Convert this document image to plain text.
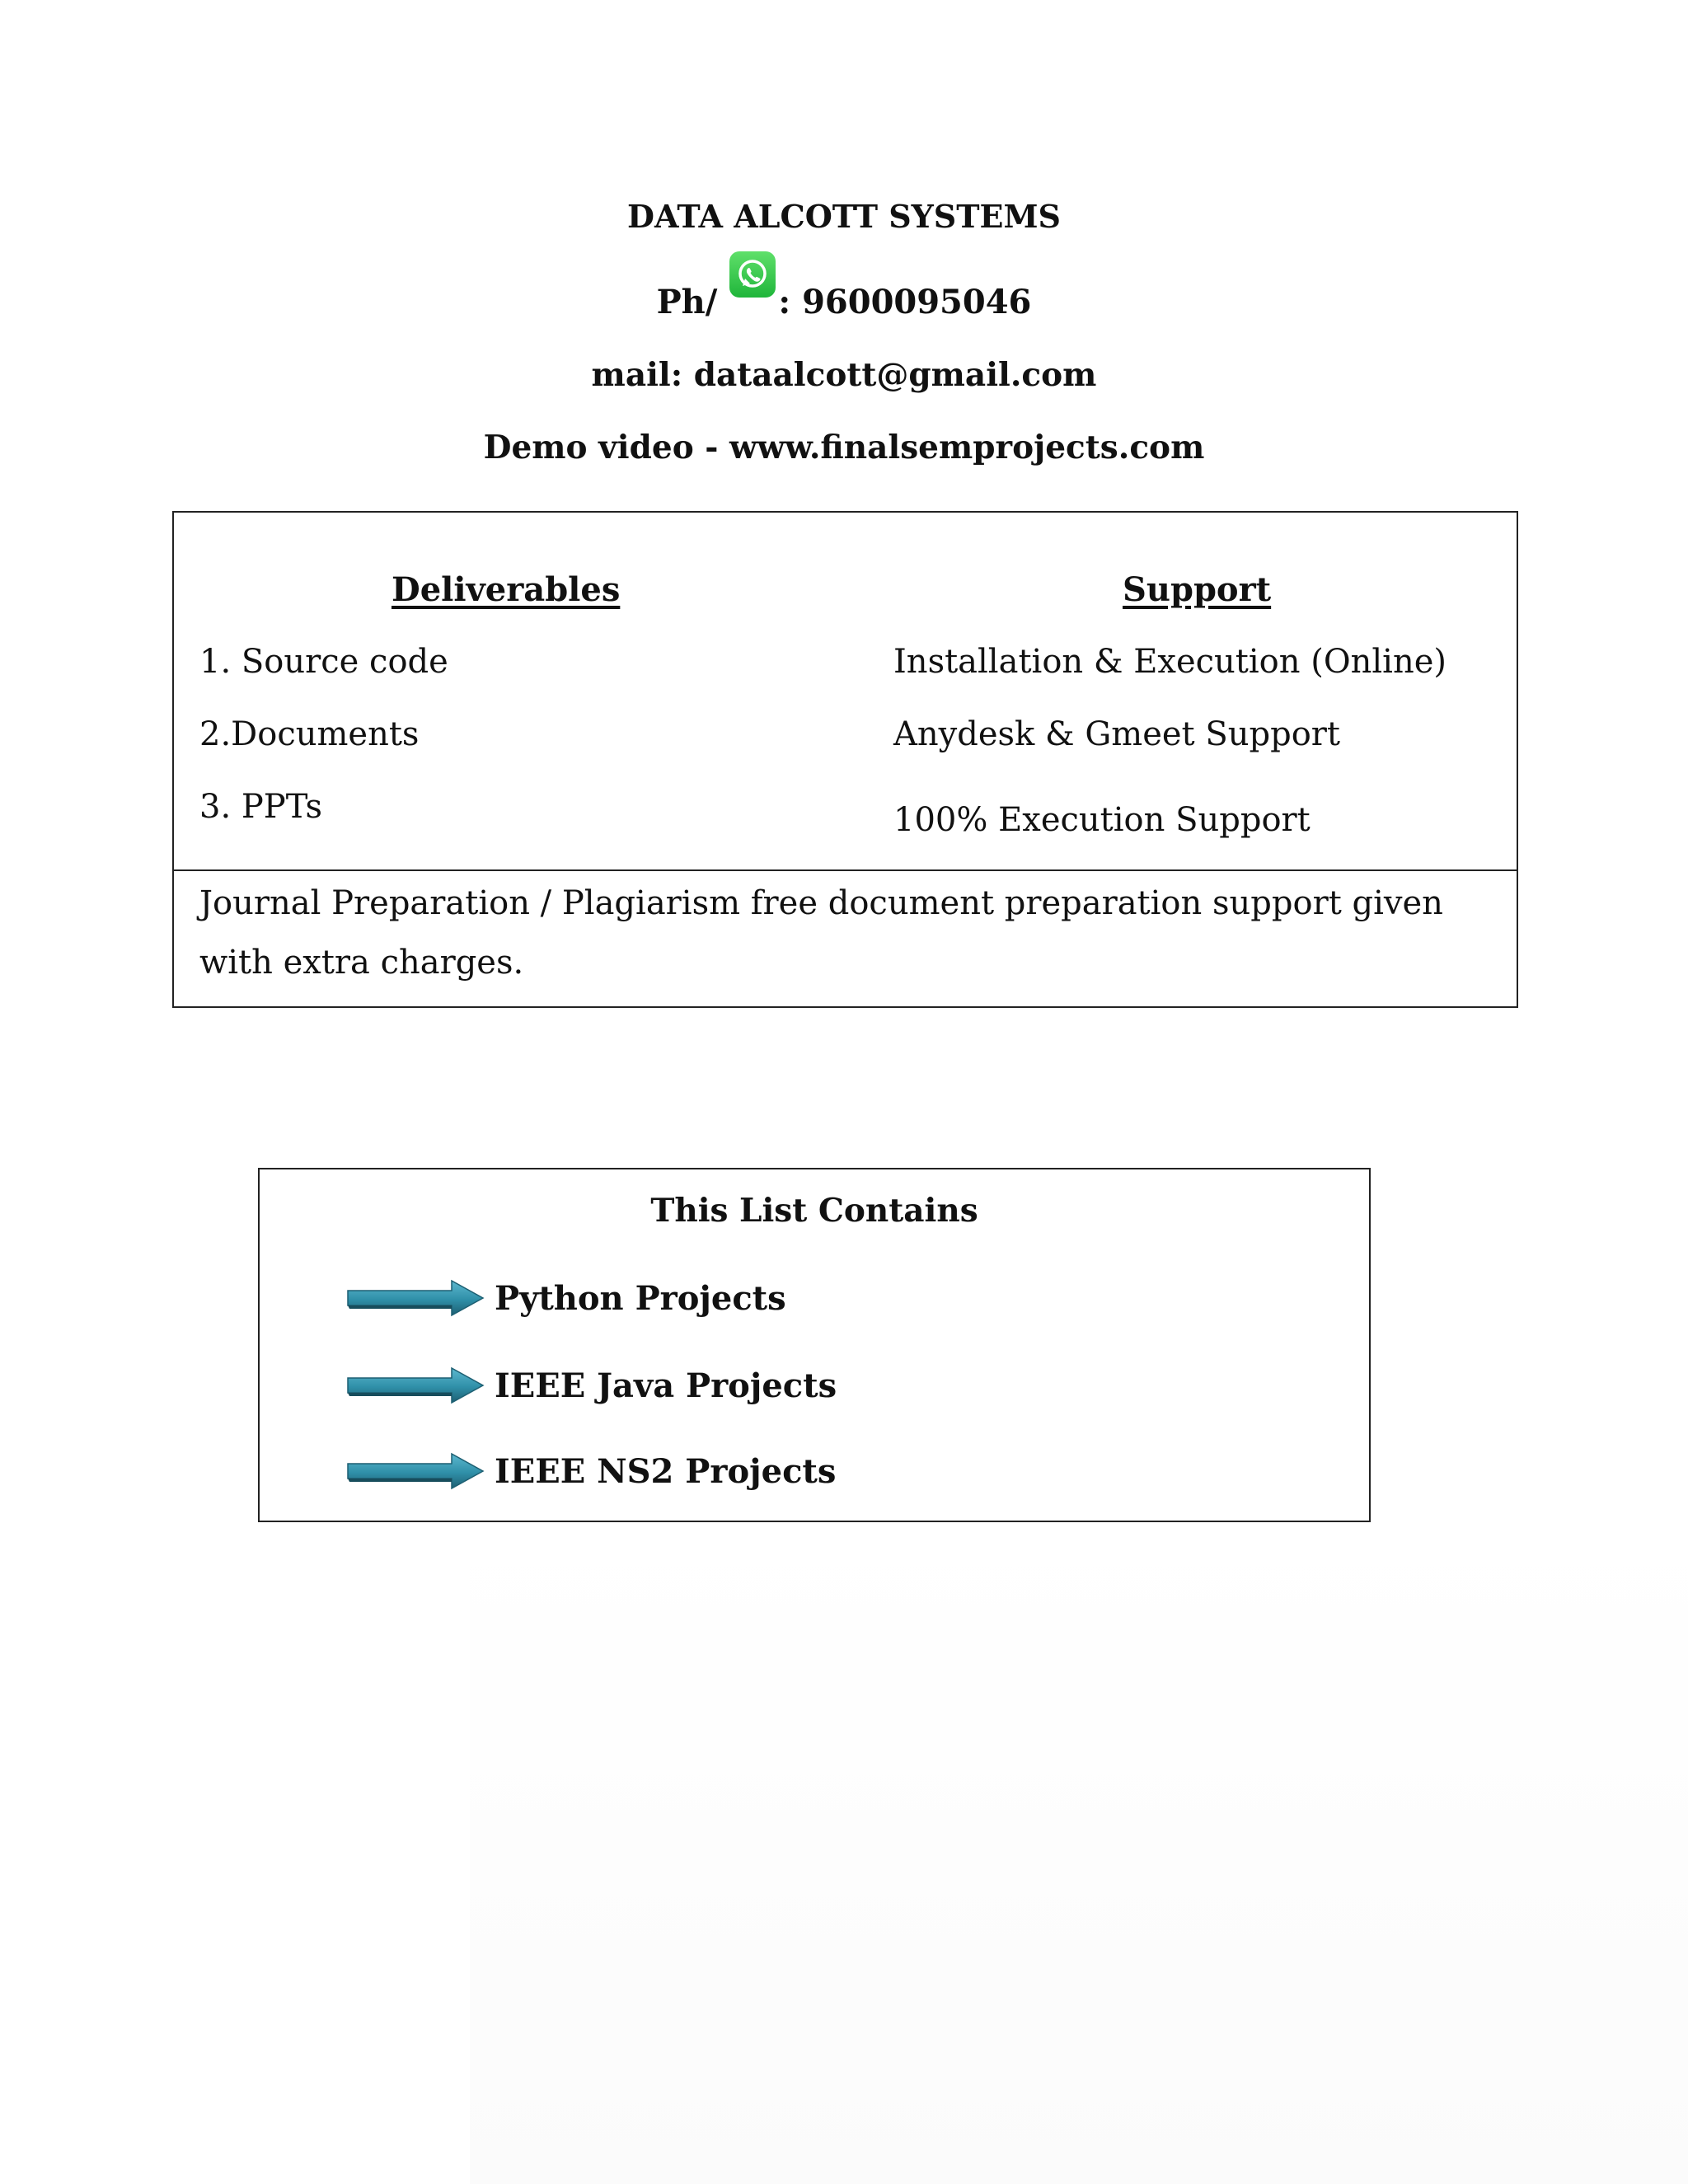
DATA ALCOTT SYSTEMS
Ph/ : 9600095046
mail: dataalcott@gmail.com
Demo video - www.finalsemprojects.com
Deliverables	Support
1. Source code
2.Documents
3. PPTs
Installation & Execution (Online)
Anydesk & Gmeet Support
100% Execution Support
Journal Preparation / Plagiarism free document preparation support given with extra charges.
This List Contains
Python Projects
IEEE Java Projects
IEEE NS2 Projects
